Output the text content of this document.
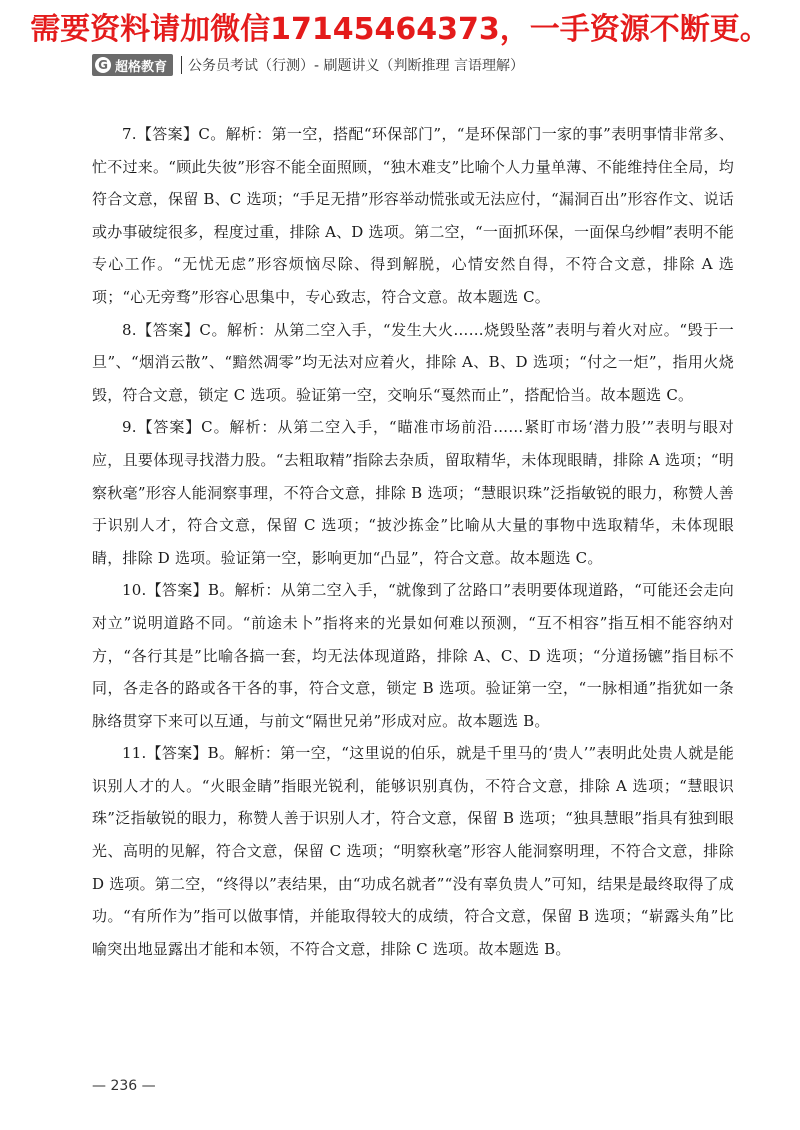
需要资料请加微信17145464373，一手资源不断更。
G 超格教育 公务员考试（行测）- 刷题讲义（判断推理 言语理解）

7.【答案】C。解析：第一空，搭配“环保部门”，“是环保部门一家的事”表明事情非常多、忙不过来。“顾此失彼”形容不能全面照顾，“独木难支”比喻个人力量单薄、不能维持住全局，均符合文意，保留 B、C 选项；“手足无措”形容举动慌张或无法应付，“漏洞百出”形容作文、说话或办事破绽很多，程度过重，排除 A、D 选项。第二空，“一面抓环保，一面保乌纱帽”表明不能专心工作。“无忧无虑”形容烦恼尽除、得到解脱，心情安然自得，不符合文意，排除 A 选项；“心无旁骛”形容心思集中，专心致志，符合文意。故本题选 C。

8.【答案】C。解析：从第二空入手，“发生大火……烧毁坠落”表明与着火对应。“毁于一旦”、“烟消云散”、“黯然凋零”均无法对应着火，排除 A、B、D 选项；“付之一炬”，指用火烧毁，符合文意，锁定 C 选项。验证第一空，交响乐“戛然而止”，搭配恰当。故本题选 C。

9.【答案】C。解析：从第二空入手，“瞄准市场前沿……紧盯市场‘潜力股’”表明与眼对应，且要体现寻找潜力股。“去粗取精”指除去杂质，留取精华，未体现眼睛，排除 A 选项；“明察秋毫”形容人能洞察事理，不符合文意，排除 B 选项；“慧眼识珠”泛指敏锐的眼力，称赞人善于识别人才，符合文意，保留 C 选项；“披沙拣金”比喻从大量的事物中选取精华，未体现眼睛，排除 D 选项。验证第一空，影响更加“凸显”，符合文意。故本题选 C。

10.【答案】B。解析：从第二空入手，“就像到了岔路口”表明要体现道路，“可能还会走向对立”说明道路不同。“前途未卜”指将来的光景如何难以预测，“互不相容”指互相不能容纳对方，“各行其是”比喻各搞一套，均无法体现道路，排除 A、C、D 选项；“分道扬镳”指目标不同，各走各的路或各干各的事，符合文意，锁定 B 选项。验证第一空，“一脉相通”指犹如一条脉络贯穿下来可以互通，与前文“隔世兄弟”形成对应。故本题选 B。

11.【答案】B。解析：第一空，“这里说的伯乐，就是千里马的‘贵人’”表明此处贵人就是能识别人才的人。“火眼金睛”指眼光锐利，能够识别真伪，不符合文意，排除 A 选项；“慧眼识珠”泛指敏锐的眼力，称赞人善于识别人才，符合文意，保留 B 选项；“独具慧眼”指具有独到眼光、高明的见解，符合文意，保留 C 选项；“明察秋毫”形容人能洞察明理，不符合文意，排除 D 选项。第二空，“终得以”表结果，由“功成名就者”“没有辜负贵人”可知，结果是最终取得了成功。“有所作为”指可以做事情，并能取得较大的成绩，符合文意，保留 B 选项；“崭露头角”比喻突出地显露出才能和本领，不符合文意，排除 C 选项。故本题选 B。

— 236 —
